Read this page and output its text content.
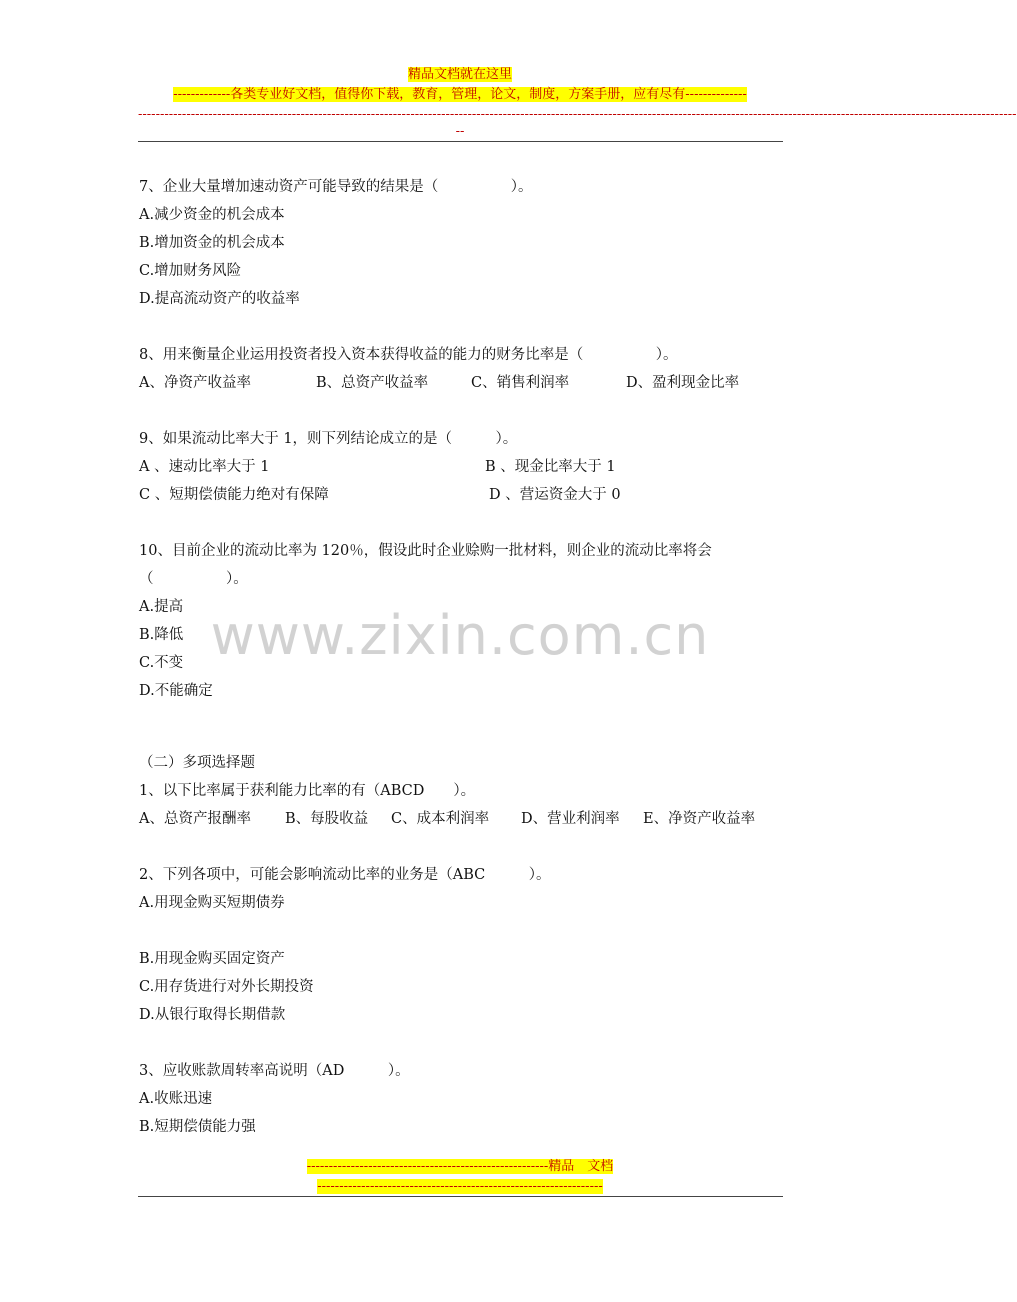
精品文档就在这里
-------------各类专业好文档，值得你下载，教育，管理，论文，制度，方案手册，应有尽有--------------
--------------------------------------------------------------------------------------------------------------------------------------------------------------------------------------------------------
--
www.zixin.com.cn
7、企业大量增加速动资产可能导致的结果是（　　　　　）。
A.减少资金的机会成本
B.增加资金的机会成本
C.增加财务风险
D.提高流动资产的收益率
8、用来衡量企业运用投资者投入资本获得收益的能力的财务比率是（　　　　　）。
A、净资产收益率	B、总资产收益率	C、销售利润率	D、盈利现金比率
9、如果流动比率大于 1，则下列结论成立的是（　　　）。
A 、速动比率大于 1	B 、现金比率大于 1
C 、短期偿债能力绝对有保障	D 、营运资金大于 0
10、目前企业的流动比率为 120％，假设此时企业赊购一批材料，则企业的流动比率将会
（　　　　　）。
A.提高
B.降低
C.不变
D.不能确定
（二）多项选择题
1、以下比率属于获利能力比率的有（ABCD　　）。
A、总资产报酬率	B、每股收益	C、成本利润率	D、营业利润率	E、净资产收益率
2、下列各项中，可能会影响流动比率的业务是（ABC　　　）。
A.用现金购买短期债券
B.用现金购买固定资产
C.用存货进行对外长期投资
D.从银行取得长期借款
3、应收账款周转率高说明（AD　　　）。
A.收账迅速
B.短期偿债能力强
-------------------------------------------------------精品　文档
-----------------------------------------------------------------
